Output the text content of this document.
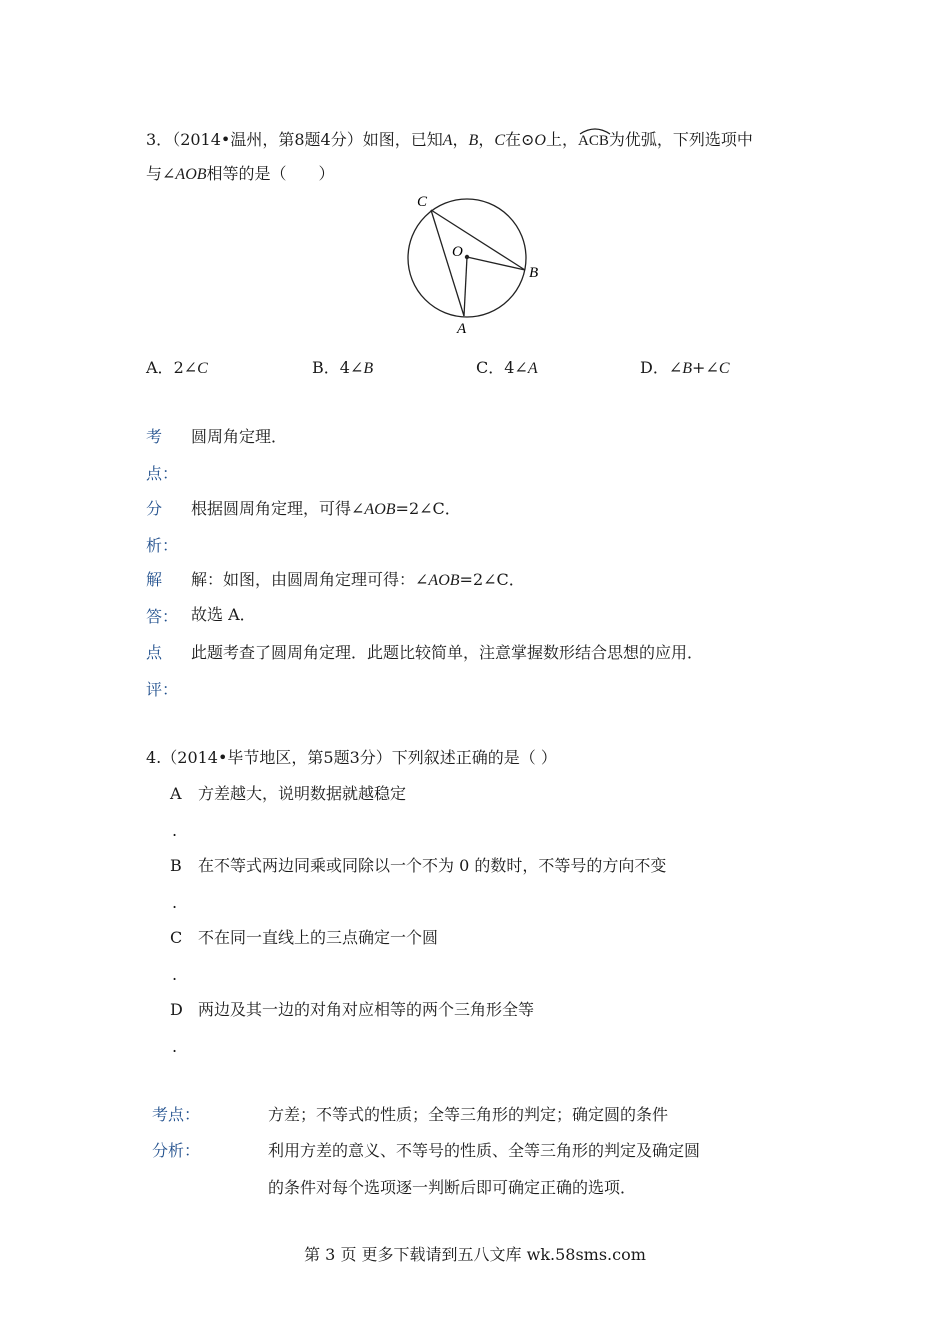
3．（2014•温州，第8题4分）如图，已知A，B，C在⊙O上，
ACB为优弧，下列选项中
与∠AOB相等的是（　　）
C
O
B
A
A．2∠C	B．4∠B	C．4∠A	D．∠B+∠C
考
点：
圆周角定理．
分
析：
根据圆周角定理，可得∠AOB=2∠C．
解
答：
解：如图，由圆周角定理可得：∠AOB=2∠C．
故选 A．
点
评：
此题考查了圆周角定理．此题比较简单，注意掌握数形结合思想的应用．
4.（2014•毕节地区，第5题3分）下列叙述正确的是（ ）
A 方差越大，说明数据就越稳定
.
B 在不等式两边同乘或同除以一个不为 0 的数时，不等号的方向不变
.
C 不在同一直线上的三点确定一个圆
.
D 两边及其一边的对角对应相等的两个三角形全等
.
考点：	方差；不等式的性质；全等三角形的判定；确定圆的条件
分析：	利用方差的意义、不等号的性质、全等三角形的判定及确定圆
的条件对每个选项逐一判断后即可确定正确的选项．
第 3 页 更多下载请到五八文库 wk.58sms.com
